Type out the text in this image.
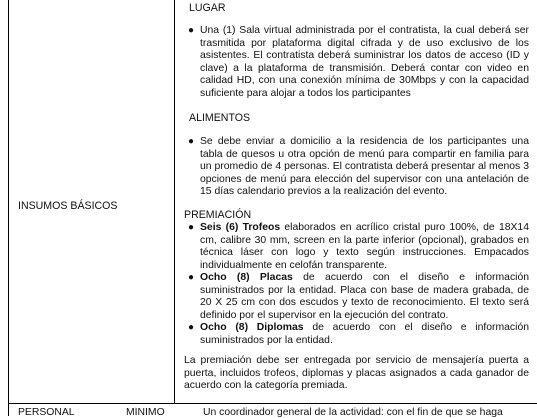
INSUMOS BÁSICOS
LUGAR
● Una (1) Sala virtual administrada por el contratista, la cual deberá ser trasmitida por plataforma digital cifrada y de uso exclusivo de los asistentes. El contratista deberá suministrar los datos de acceso (ID y clave) a la plataforma de transmisión. Deberá contar con video en calidad HD, con una conexión mínima de 30Mbps y con la capacidad suficiente para alojar a todos los participantes
ALIMENTOS
● Se debe enviar a domicilio a la residencia de los participantes una tabla de quesos u otra opción de menú para compartir en familia para un promedio de 4 personas. El contratista deberá presentar al menos 3 opciones de menú para elección del supervisor con una antelación de 15 días calendario previos a la realización del evento.
PREMIACIÓN
● Seis (6) Trofeos elaborados en acrílico cristal puro 100%, de 18X14 cm, calibre 30 mm, screen en la parte inferior (opcional), grabados en técnica láser con logo y texto según instrucciones. Empacados individualmente en celofán transparente.
● Ocho (8) Placas de acuerdo con el diseño e información suministrados por la entidad. Placa con base de madera grabada, de 20 X 25 cm con dos escudos y texto de reconocimiento. El texto será definido por el supervisor en la ejecución del contrato.
● Ocho (8) Diplomas de acuerdo con el diseño e información suministrados por la entidad.
La premiación debe ser entregada por servicio de mensajería puerta a puerta, incluidos trofeos, diplomas y placas asignados a cada ganador de acuerdo con la categoría premiada.
PERSONAL	MÍNIMO	Un coordinador general de la actividad: con el fin de que se haga
